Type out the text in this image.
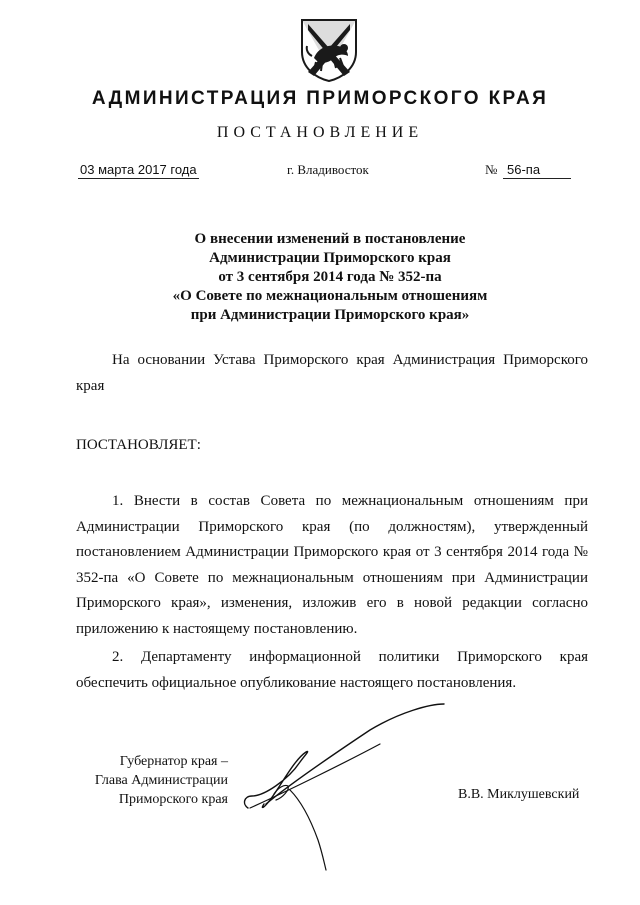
АДМИНИСТРАЦИЯ ПРИМОРСКОГО КРАЯ
ПОСТАНОВЛЕНИЕ
03 марта 2017 года	г. Владивосток	№ 56-па
О внесении изменений в постановление
Администрации Приморского края
от 3 сентября 2014 года № 352-па
«О Совете по межнациональным отношениям
при Администрации Приморского края»

На основании Устава Приморского края Администрация Приморского края

ПОСТАНОВЛЯЕТ:

1. Внести в состав Совета по межнациональным отношениям при Администрации Приморского края (по должностям), утвержденный постановлением Администрации Приморского края от 3 сентября 2014 года № 352-па «О Совете по межнациональным отношениям при Администрации Приморского края», изменения, изложив его в новой редакции согласно приложению к настоящему постановлению.

2. Департаменту информационной политики Приморского края обеспечить официальное опубликование настоящего постановления.

Губернатор края –
Глава Администрации
Приморского края	В.В. Миклушевский
